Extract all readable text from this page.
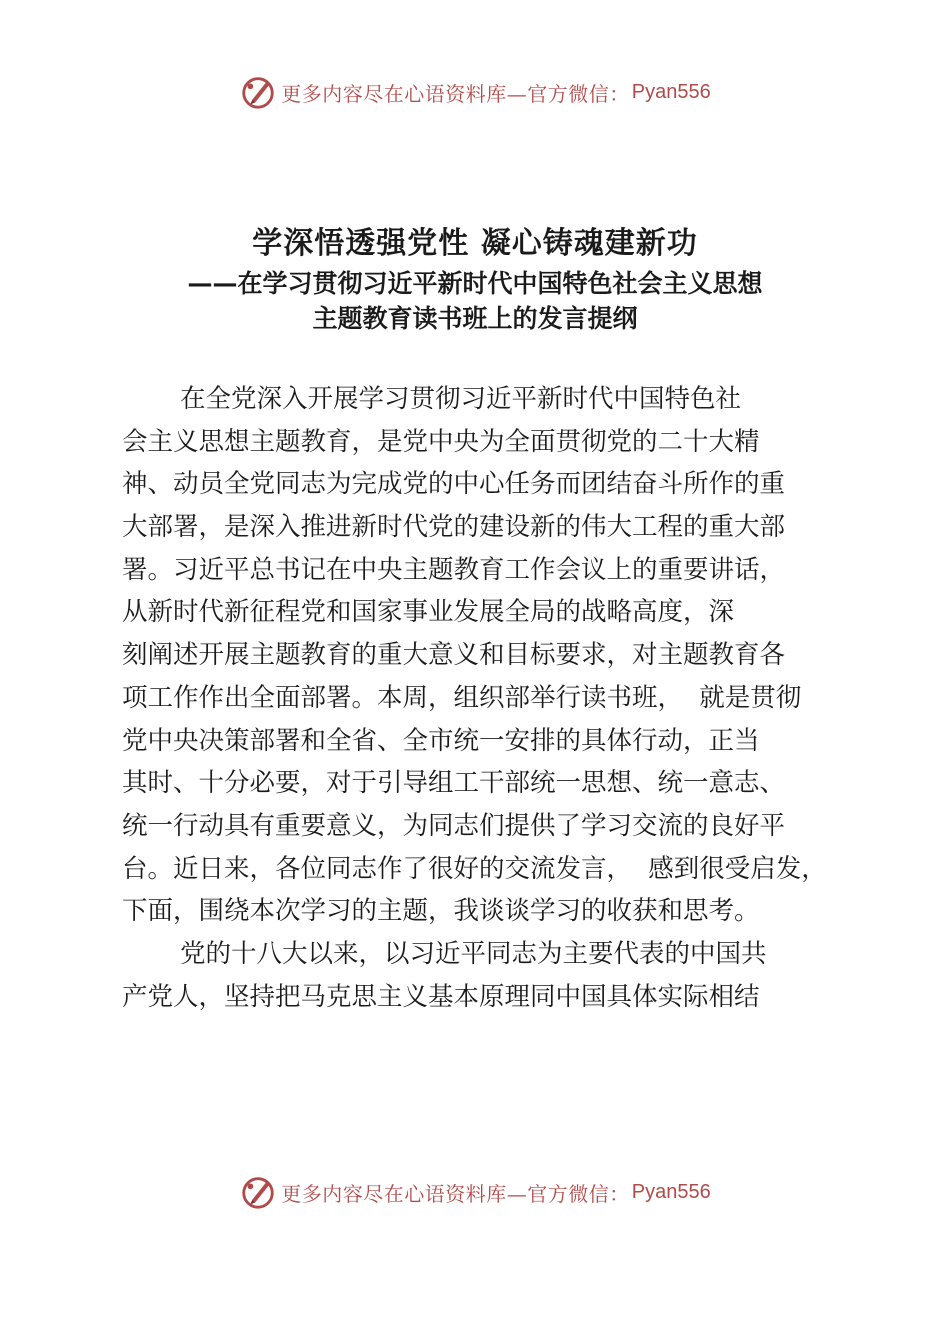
更多内容尽在心语资料库—官方微信： Pyan556
学深悟透强党性 凝心铸魂建新功
——在学习贯彻习近平新时代中国特色社会主义思想
主题教育读书班上的发言提纲
在全党深入开展学习贯彻习近平新时代中国特色社
会主义思想主题教育，是党中央为全面贯彻党的二十大精
神、动员全党同志为完成党的中心任务而团结奋斗所作的重
大部署，是深入推进新时代党的建设新的伟大工程的重大部
署。习近平总书记在中央主题教育工作会议上的重要讲话，
从新时代新征程党和国家事业发展全局的战略高度，深
刻阐述开展主题教育的重大意义和目标要求，对主题教育各
项工作作出全面部署。本周，组织部举行读书班，  就是贯彻
党中央决策部署和全省、全市统一安排的具体行动，正当
其时、十分必要，对于引导组工干部统一思想、统一意志、
统一行动具有重要意义，为同志们提供了学习交流的良好平
台。近日来，各位同志作了很好的交流发言，  感到很受启发，
下面，围绕本次学习的主题，我谈谈学习的收获和思考。
党的十八大以来，以习近平同志为主要代表的中国共
产党人，坚持把马克思主义基本原理同中国具体实际相结
更多内容尽在心语资料库—官方微信： Pyan556
